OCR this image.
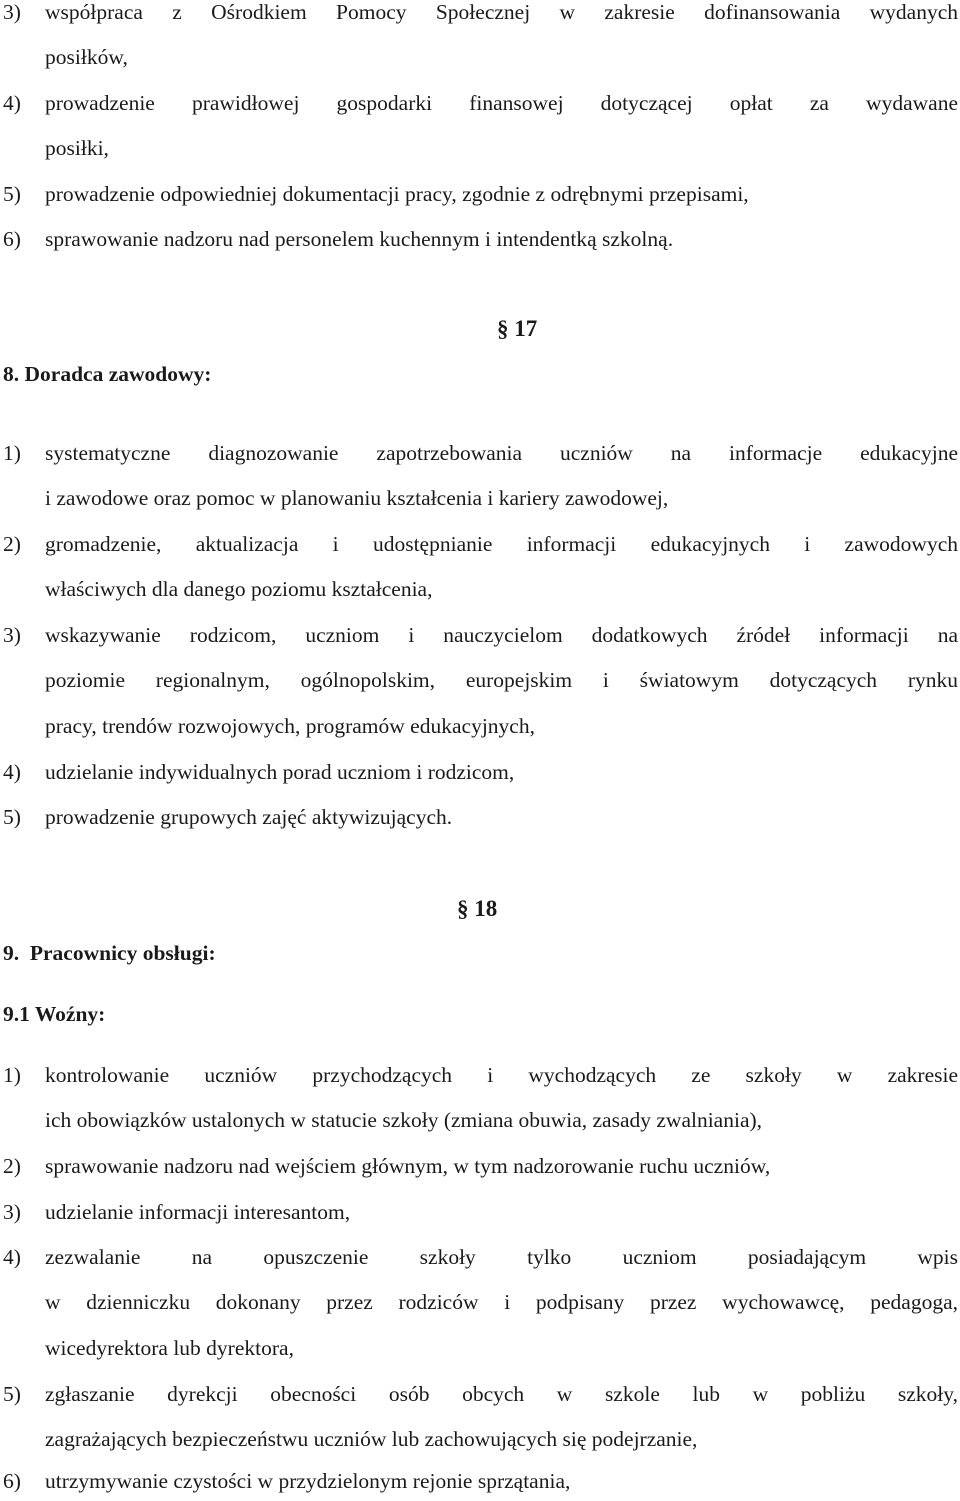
3) współpraca z Ośrodkiem Pomocy Społecznej w zakresie dofinansowania wydanych
posiłków,
4) prowadzenie prawidłowej gospodarki finansowej dotyczącej opłat za wydawane
posiłki,
5) prowadzenie odpowiedniej dokumentacji pracy, zgodnie z odrębnymi przepisami,
6) sprawowanie nadzoru nad personelem kuchennym i intendentką szkolną.
§ 17
8. Doradca zawodowy:
1) systematyczne diagnozowanie zapotrzebowania uczniów na informacje edukacyjne
i zawodowe oraz pomoc w planowaniu kształcenia i kariery zawodowej,
2) gromadzenie, aktualizacja i udostępnianie informacji edukacyjnych i zawodowych
właściwych dla danego poziomu kształcenia,
3) wskazywanie rodzicom, uczniom i nauczycielom dodatkowych źródeł informacji na
poziomie regionalnym, ogólnopolskim, europejskim i światowym dotyczących rynku
pracy, trendów rozwojowych, programów edukacyjnych,
4) udzielanie indywidualnych porad uczniom i rodzicom,
5) prowadzenie grupowych zajęć aktywizujących.
§ 18
9.  Pracownicy obsługi:
9.1 Woźny:
1) kontrolowanie uczniów przychodzących i wychodzących ze szkoły w zakresie
ich obowiązków ustalonych w statucie szkoły (zmiana obuwia, zasady zwalniania),
2) sprawowanie nadzoru nad wejściem głównym, w tym nadzorowanie ruchu uczniów,
3) udzielanie informacji interesantom,
4) zezwalanie na opuszczenie szkoły tylko uczniom posiadającym wpis
w dzienniczku dokonany przez rodziców i podpisany przez wychowawcę, pedagoga,
wicedyrektora lub dyrektora,
5) zgłaszanie dyrekcji obecności osób obcych w szkole lub w pobliżu szkoły,
zagrażających bezpieczeństwu uczniów lub zachowujących się podejrzanie,
6) utrzymywanie czystości w przydzielonym rejonie sprzątania,
